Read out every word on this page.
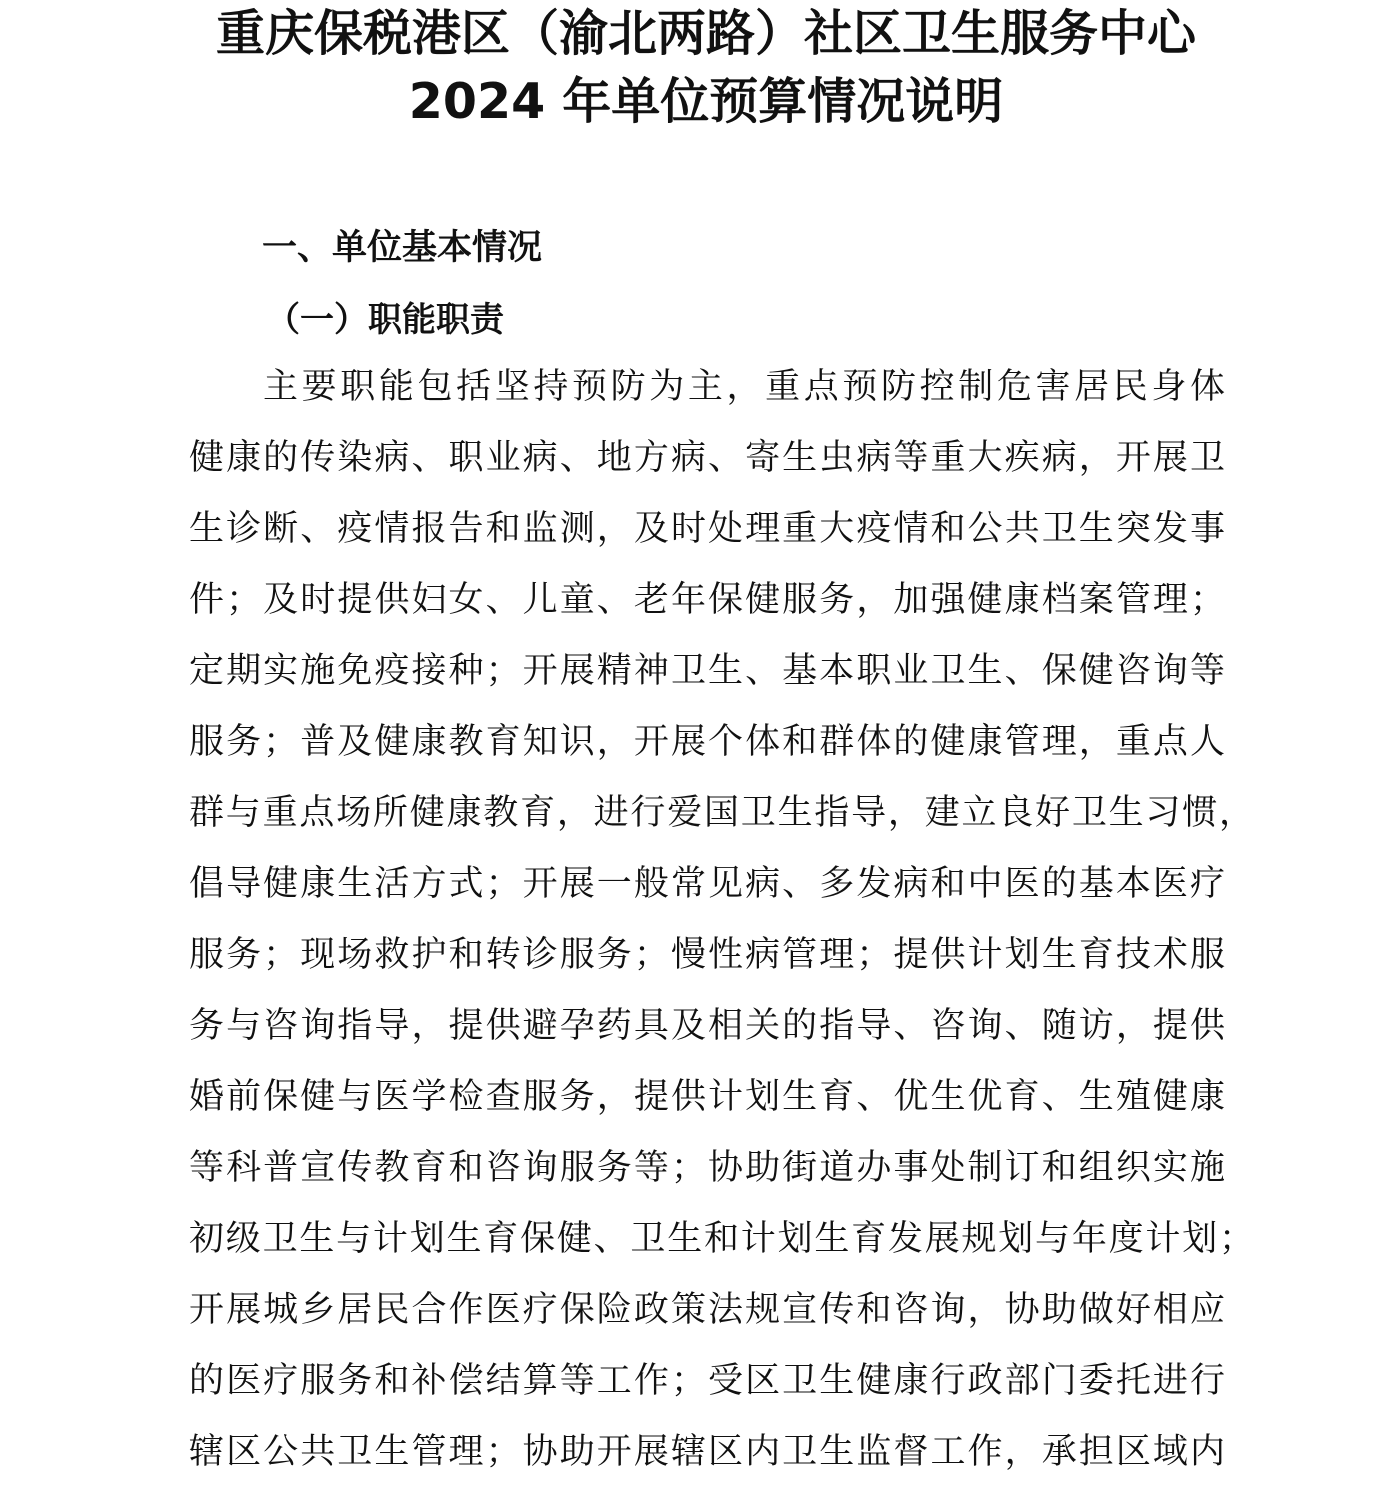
重庆保税港区（渝北两路）社区卫生服务中心
2024 年单位预算情况说明
一、单位基本情况
（一）职能职责
主要职能包括坚持预防为主，重点预防控制危害居民身体
健康的传染病、职业病、地方病、寄生虫病等重大疾病，开展卫
生诊断、疫情报告和监测，及时处理重大疫情和公共卫生突发事
件；及时提供妇女、儿童、老年保健服务，加强健康档案管理；
定期实施免疫接种；开展精神卫生、基本职业卫生、保健咨询等
服务；普及健康教育知识，开展个体和群体的健康管理，重点人
群与重点场所健康教育，进行爱国卫生指导，建立良好卫生习惯，
倡导健康生活方式；开展一般常见病、多发病和中医的基本医疗
服务；现场救护和转诊服务；慢性病管理；提供计划生育技术服
务与咨询指导，提供避孕药具及相关的指导、咨询、随访，提供
婚前保健与医学检查服务，提供计划生育、优生优育、生殖健康
等科普宣传教育和咨询服务等；协助街道办事处制订和组织实施
初级卫生与计划生育保健、卫生和计划生育发展规划与年度计划；
开展城乡居民合作医疗保险政策法规宣传和咨询，协助做好相应
的医疗服务和补偿结算等工作；受区卫生健康行政部门委托进行
辖区公共卫生管理；协助开展辖区内卫生监督工作，承担区域内
